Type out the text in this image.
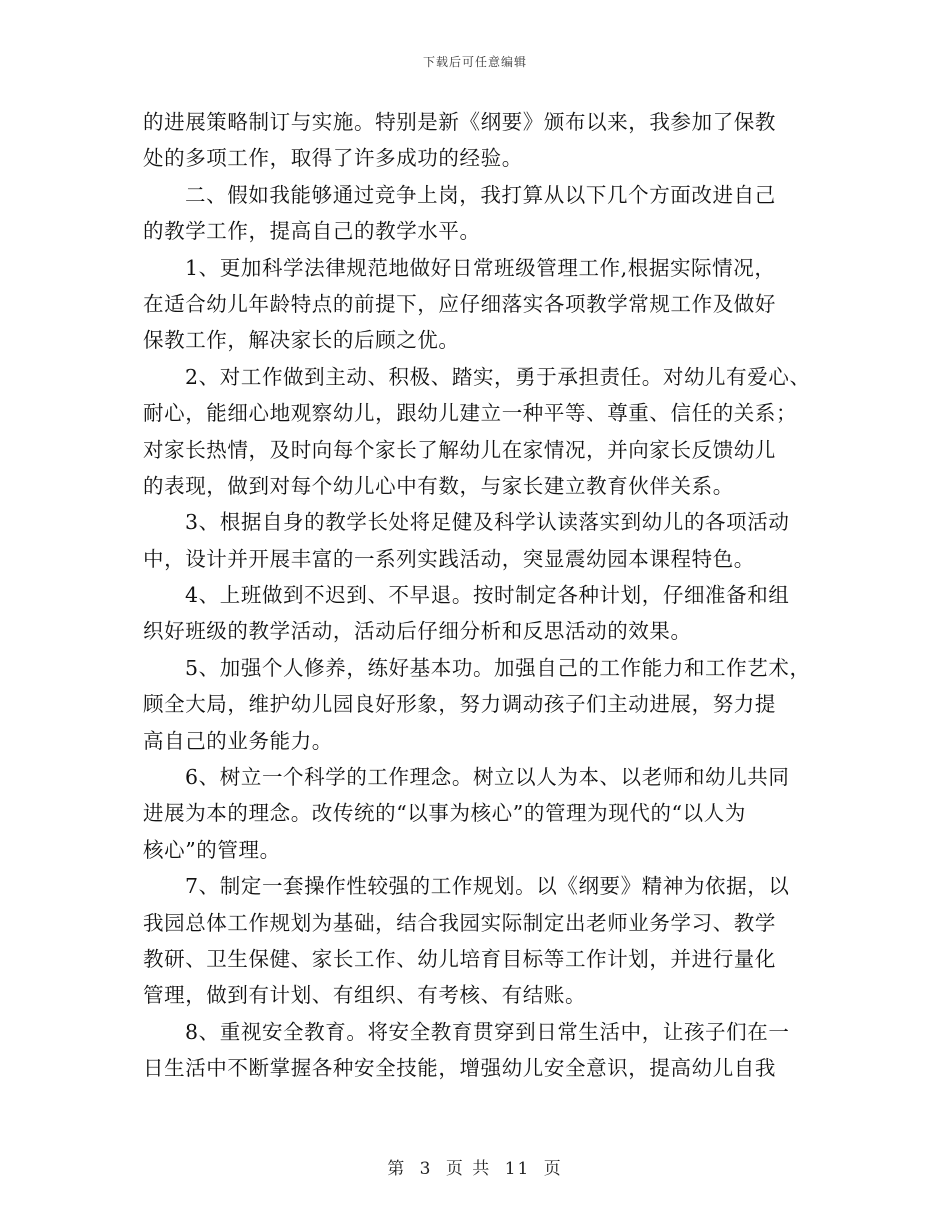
下载后可任意编辑
的进展策略制订与实施。特别是新《纲要》颁布以来，我参加了保教
处的多项工作，取得了许多成功的经验。
二、假如我能够通过竞争上岗，我打算从以下几个方面改进自己
的教学工作，提高自己的教学水平。
1、更加科学法律规范地做好日常班级管理工作,根据实际情况，
在适合幼儿年龄特点的前提下，应仔细落实各项教学常规工作及做好
保教工作，解决家长的后顾之优。
2、对工作做到主动、积极、踏实，勇于承担责任。对幼儿有爱心、
耐心，能细心地观察幼儿，跟幼儿建立一种平等、尊重、信任的关系；
对家长热情，及时向每个家长了解幼儿在家情况，并向家长反馈幼儿
的表现，做到对每个幼儿心中有数，与家长建立教育伙伴关系。
3、根据自身的教学长处将足健及科学认读落实到幼儿的各项活动
中，设计并开展丰富的一系列实践活动，突显震幼园本课程特色。
4、上班做到不迟到、不早退。按时制定各种计划，仔细准备和组
织好班级的教学活动，活动后仔细分析和反思活动的效果。
5、加强个人修养，练好基本功。加强自己的工作能力和工作艺术，
顾全大局，维护幼儿园良好形象，努力调动孩子们主动进展，努力提
高自己的业务能力。
6、树立一个科学的工作理念。树立以人为本、以老师和幼儿共同
进展为本的理念。改传统的“以事为核心”的管理为现代的“以人为
核心”的管理。
7、制定一套操作性较强的工作规划。以《纲要》精神为依据，以
我园总体工作规划为基础，结合我园实际制定出老师业务学习、教学
教研、卫生保健、家长工作、幼儿培育目标等工作计划，并进行量化
管理，做到有计划、有组织、有考核、有结账。
8、重视安全教育。将安全教育贯穿到日常生活中，让孩子们在一
日生活中不断掌握各种安全技能，增强幼儿安全意识，提高幼儿自我
第 3 页 共 11 页
